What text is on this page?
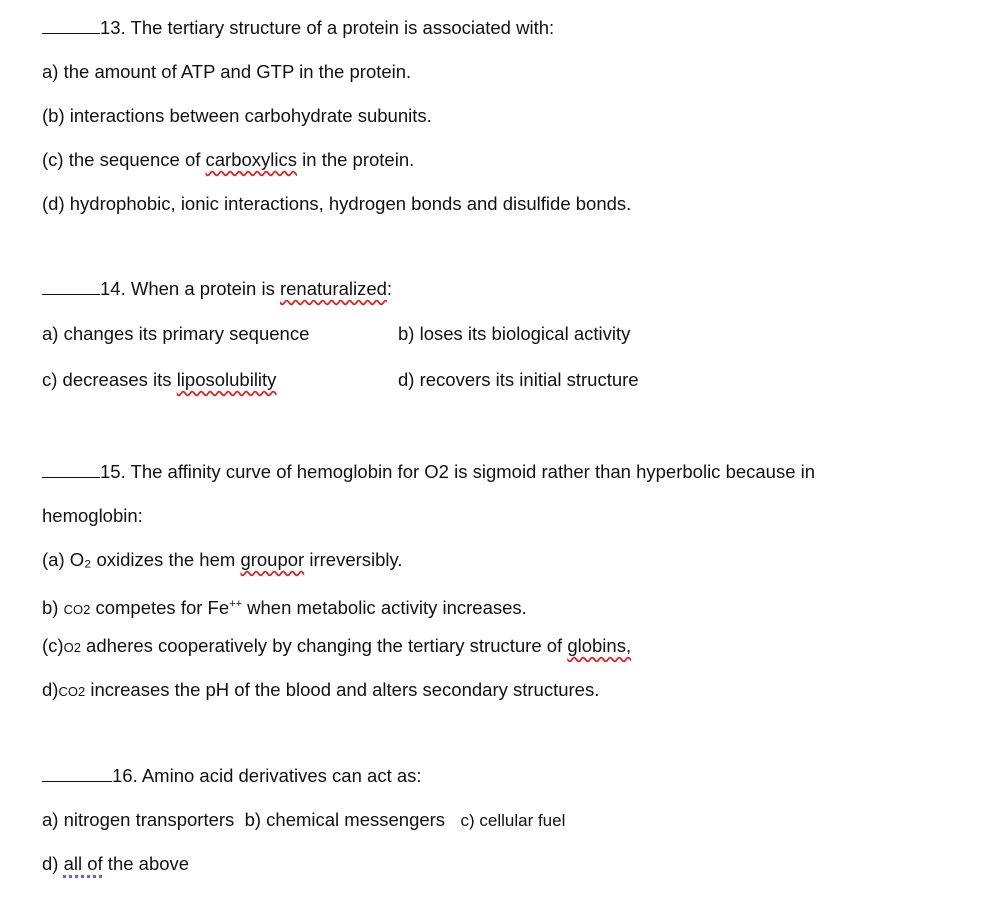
13. The tertiary structure of a protein is associated with:
a) the amount of ATP and GTP in the protein.
(b) interactions between carbohydrate subunits.
(c) the sequence of carboxylics in the protein.
(d) hydrophobic, ionic interactions, hydrogen bonds and disulfide bonds.
14. When a protein is renaturalized:
a) changes its primary sequence	b) loses its biological activity
c) decreases its liposolubility	d) recovers its initial structure
15. The affinity curve of hemoglobin for O2 is sigmoid rather than hyperbolic because in
hemoglobin:
(a) O₂ oxidizes the hem groupor irreversibly.
b) CO2 competes for Fe++ when metabolic activity increases.
(c)O2 adheres cooperatively by changing the tertiary structure of globins,
d)CO2 increases the pH of the blood and alters secondary structures.
16. Amino acid derivatives can act as:
a) nitrogen transporters  b) chemical messengers   c) cellular fuel
d) all of the above
